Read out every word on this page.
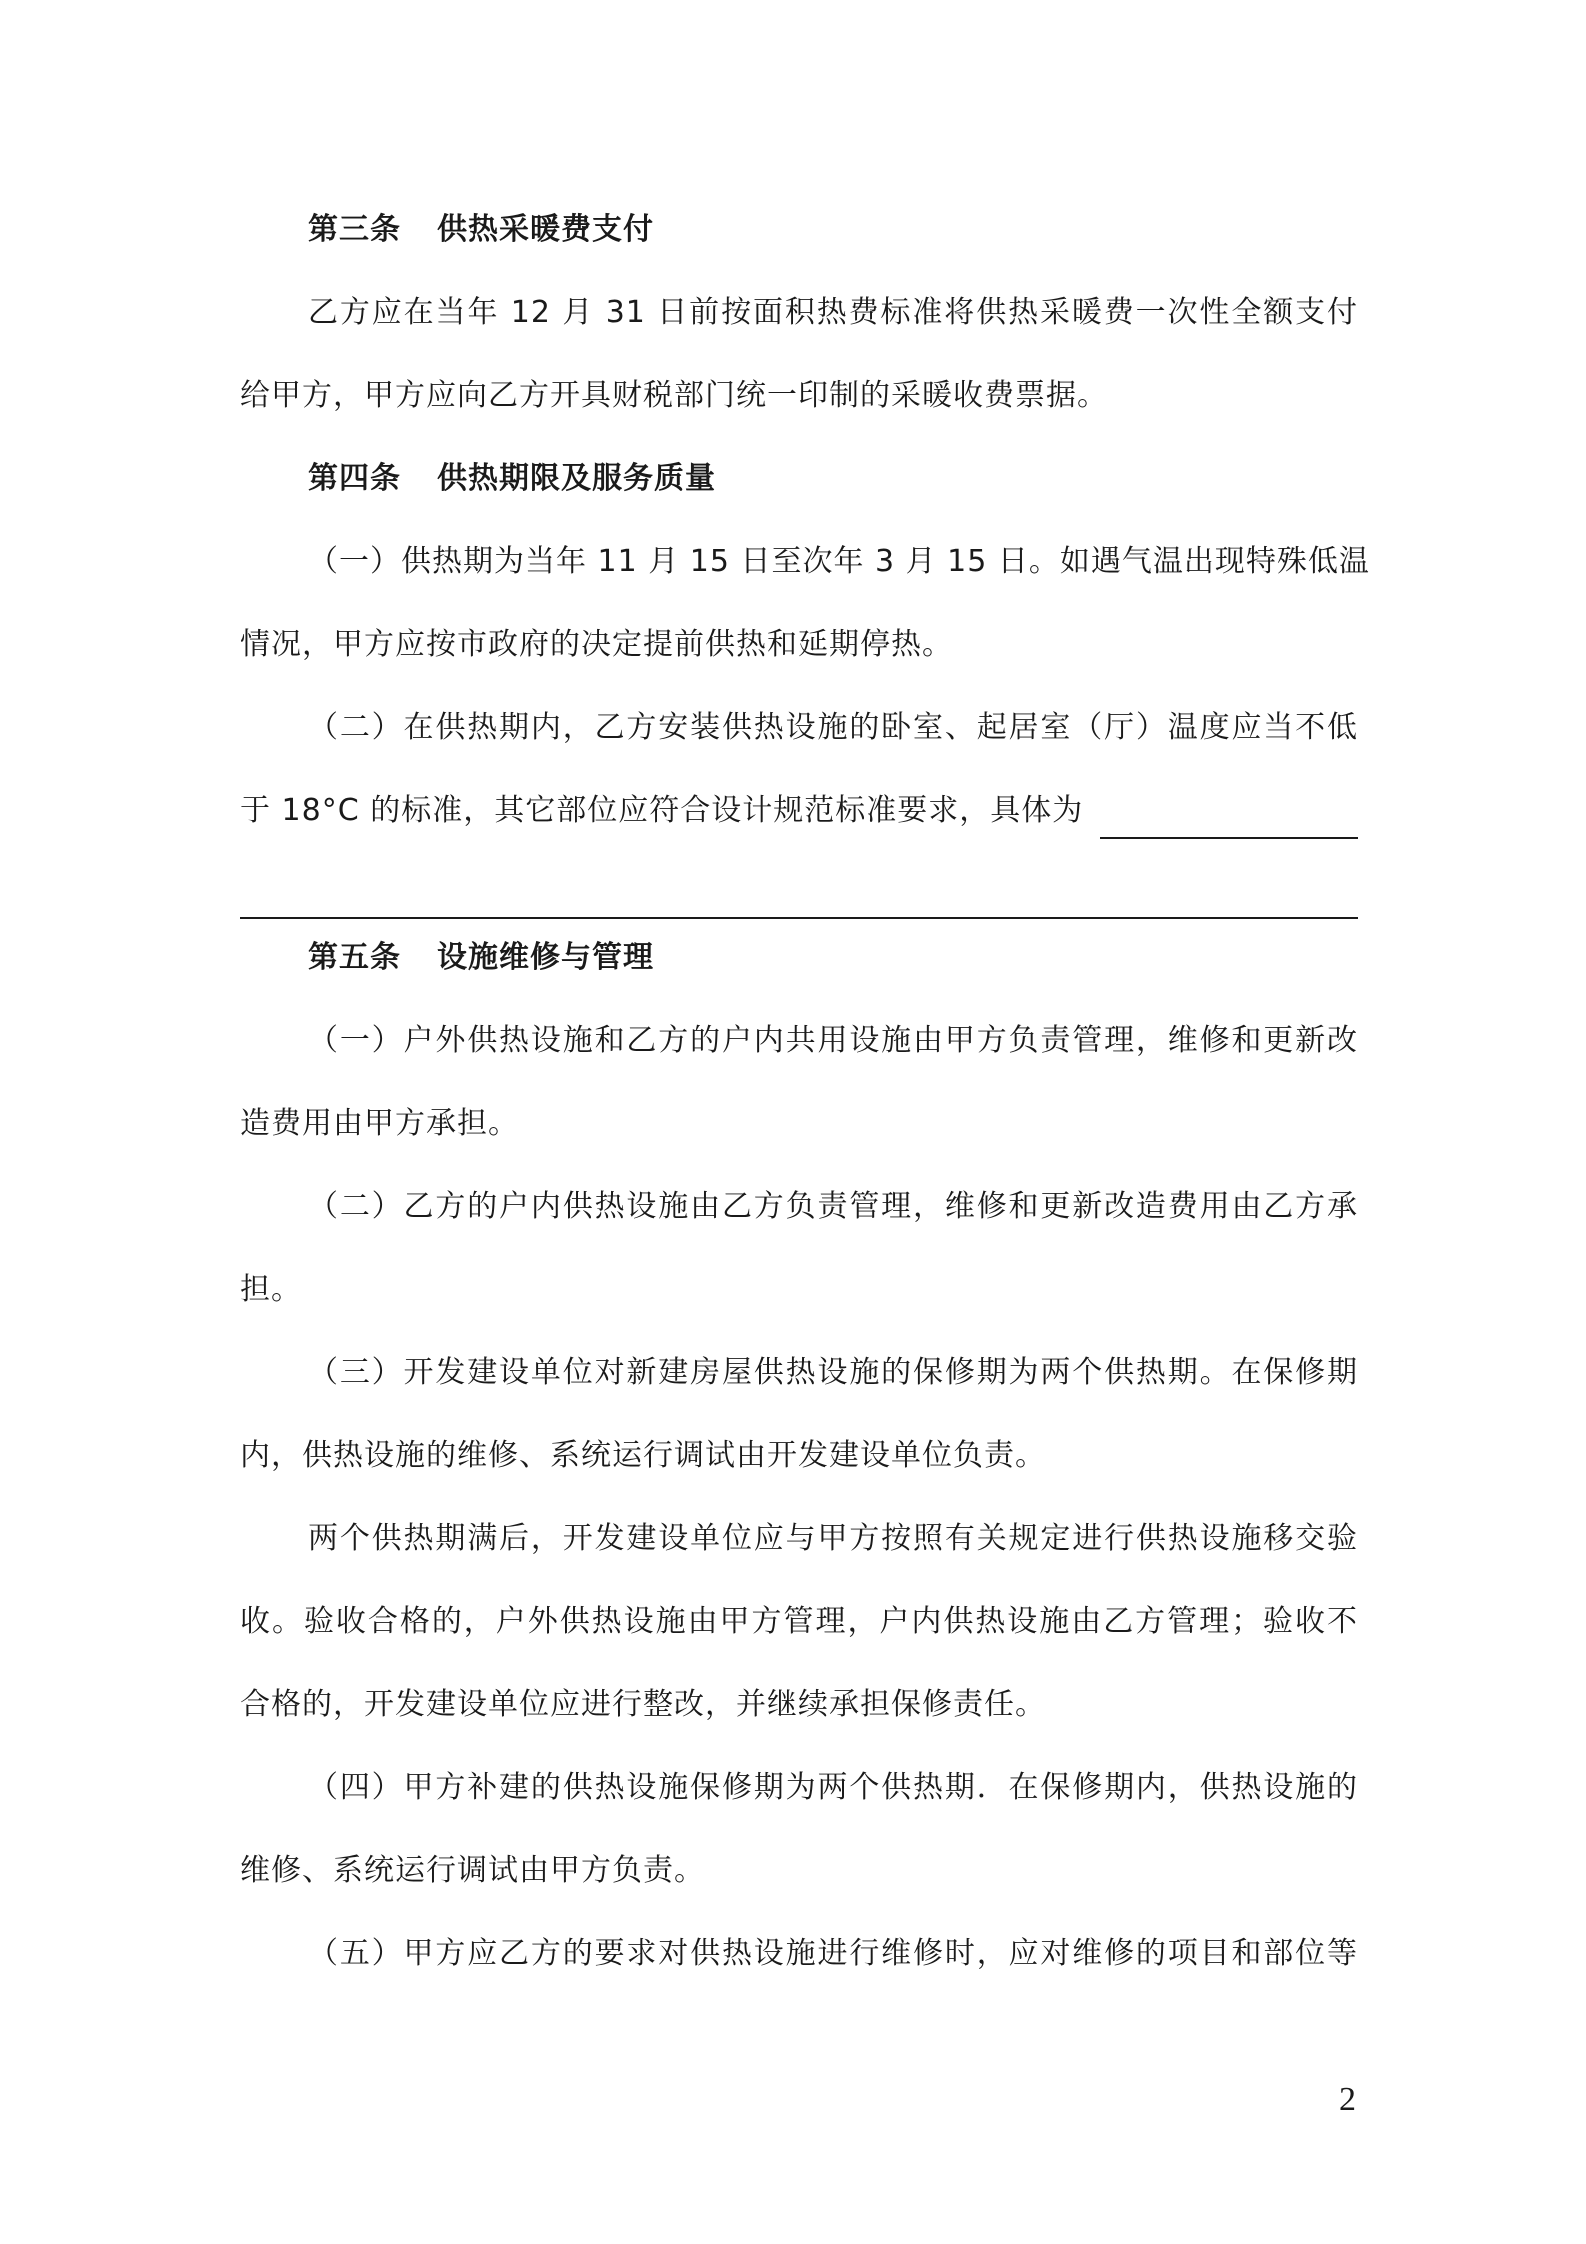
第三条 供热采暖费支付
乙方应在当年 12 月 31 日前按面积热费标准将供热采暖费一次性全额支付
给甲方，甲方应向乙方开具财税部门统一印制的采暖收费票据。
第四条 供热期限及服务质量
（一）供热期为当年 11 月 15 日至次年 3 月 15 日。如遇气温出现特殊低温
情况，甲方应按市政府的决定提前供热和延期停热。
（二）在供热期内，乙方安装供热设施的卧室、起居室（厅）温度应当不低
于 18°C 的标准，其它部位应符合设计规范标准要求，具体为
第五条 设施维修与管理
（一）户外供热设施和乙方的户内共用设施由甲方负责管理，维修和更新改
造费用由甲方承担。
（二）乙方的户内供热设施由乙方负责管理，维修和更新改造费用由乙方承
担。
（三）开发建设单位对新建房屋供热设施的保修期为两个供热期。在保修期
内，供热设施的维修、系统运行调试由开发建设单位负责。
两个供热期满后，开发建设单位应与甲方按照有关规定进行供热设施移交验
收。验收合格的，户外供热设施由甲方管理，户内供热设施由乙方管理；验收不
合格的，开发建设单位应进行整改，并继续承担保修责任。
（四）甲方补建的供热设施保修期为两个供热期．在保修期内，供热设施的
维修、系统运行调试由甲方负责。
（五）甲方应乙方的要求对供热设施进行维修时，应对维修的项目和部位等
2
